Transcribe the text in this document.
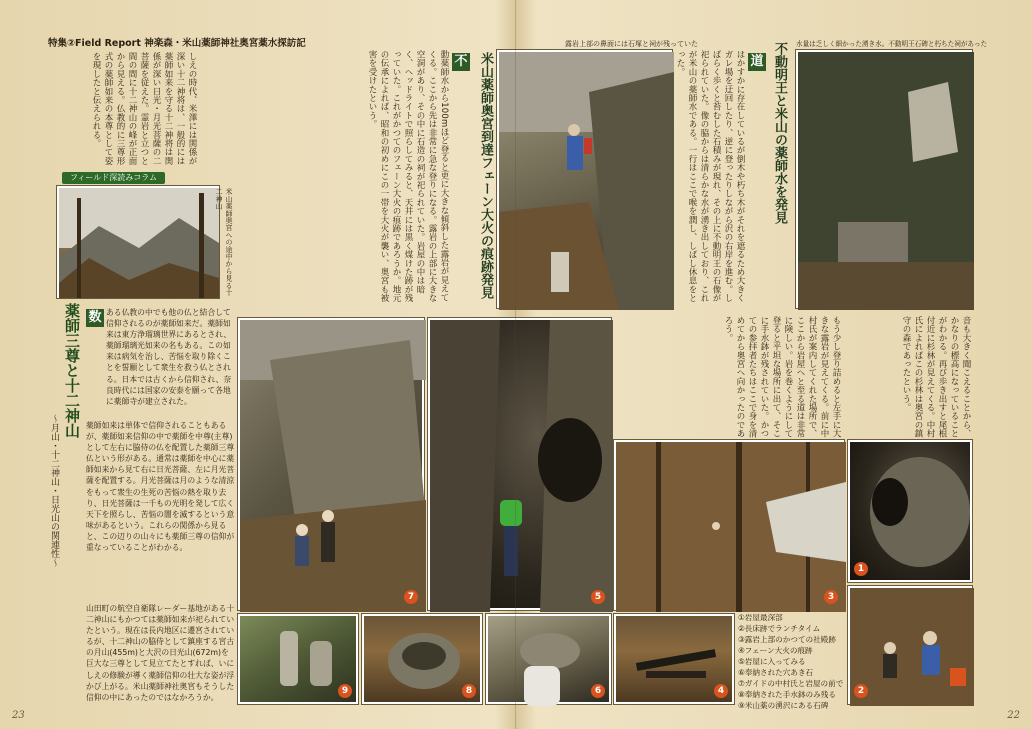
特集②Field Report 神楽森・米山薬師神社奥宮薬水探訪記
しえの時代、米澤には関係が深い十二神将は、一般的には薬師如来を守る十二神将は関係が深い日光・月光菩薩の二菩薩を従えた。霊岩と立つと間の間に十二神山の峰が正面から見える。仏教的に三尊形式の薬師如来の本尊として姿を現したと伝えられる。
フィールド深読みコラム
米山薬師奥宮への途中から見る十二神山
薬師三尊と十二神山
〜月山・十二神山・日光山の関連性〜
数 ある仏教の中でも他の仏と結合して信仰されるのが薬師如来だ。薬師如来は東方浄瑠璃世界にあるとされ、薬師瑠璃光如来の名もある。この如来は病気を治し、苦悩を取り除くことを誓願として衆生を救う仏とされる。日本では古くから信仰され、奈良時代には国家の安泰を願って各地に薬師寺が建立された。
薬師如来は単体で信仰されることもあるが、薬師如来信仰の中で薬師を中尊(主尊)として左右に脇侍の仏を配置した薬師三尊仏という形がある。通常は薬師を中心に薬師如来から見て右に日光菩薩、左に月光菩薩を配置する。月光菩薩は月のような清涼をもって衆生の生死の苦悩の熱を取り去り、日光菩薩は一千もの光明を発して広く天下を照らし、苦悩の闇を滅するという意味があるという。これらの関係から見ると、この辺りの山々にも薬師三尊の信仰が重なっていることがわかる。
山田町の航空自衛隊レーダー基地がある十二神山にもかつては薬師如来が祀られていたという。現在は長内地区に遷宮されているが、十二神山の脇侍として鎮座する宮古の月山(455m)と大沢の日光山(672m)を巨大な三尊として見立てたとすれば、いにしえの修験が導く薬師信仰の壮大な姿が浮かび上がる。米山薬師神社奥宮もそうした信仰の中にあったのではなかろうか。
7	5
9	8	6
米山薬師奥宮到達フェーン大火の痕跡発見
不
動薬師水から100mほど登ると更に大きな傾斜した露岩が見えてくる。ここから先は非常に急な登りになる。露岩の上部に大きな空洞があり、その中に石造の祠が祀られていた。岩屋の中は暗く、ヘッドライトで照らしてみると、天井には黒く煤けた跡が残っていた。これがかつてのフェーン大火の痕跡であろうか。地元の伝承によれば、昭和の初めにこの一帯を大火が襲い、奥宮も被害を受けたという。
露岩上部の鼻面には石塚と祠が残っていた	不動明王と米山の薬師水を発見
道
はかすかに存在しているが倒木や朽ち木がそれを遮るため大きくガレ場を迂回したり、逆に登ったりしながら沢の右岸を進む。しばらく歩くと苔むした石積みが現れ、その上に不動明王の石像が祀られていた。像の脇からは清らかな水が湧き出しており、これが米山の薬師水である。一行はここで喉を潤し、しばし休息をとった。
水量は乏しく細かった湧き水。不動明王石碑と朽ちた祠があった
もう少し登り詰めると左手に大きな露岩が見えてくる。前に中村氏が案内してくれた場所で、ここから岩屋へと至る道は非常に険しい。岩を巻くようにして登ると平坦な場所に出て、そこに手水鉢が残されていた。かつての参拝者たちはここで身を清めてから奥宮へ向かったのであろう。	音も大きく聞こえることから、かなりの標高になっていることがわかる。再び歩き出すと尾根付近に杉林が見えてくる。中村氏によればこの杉林は奥宮の鎮守の森であったという。
3
1
4
①岩屋最深部
②長床跡でランチタイム
③露岩上部のかつての社殿跡
④フェーン大火の痕跡
⑤岩屋に入ってみる
⑥奉納された穴あき石
⑦ガイドの中村氏と岩屋の前で
⑧奉納された手水鉢のみ残る
⑨米山薬の湧沢にある石碑
2
23	22
